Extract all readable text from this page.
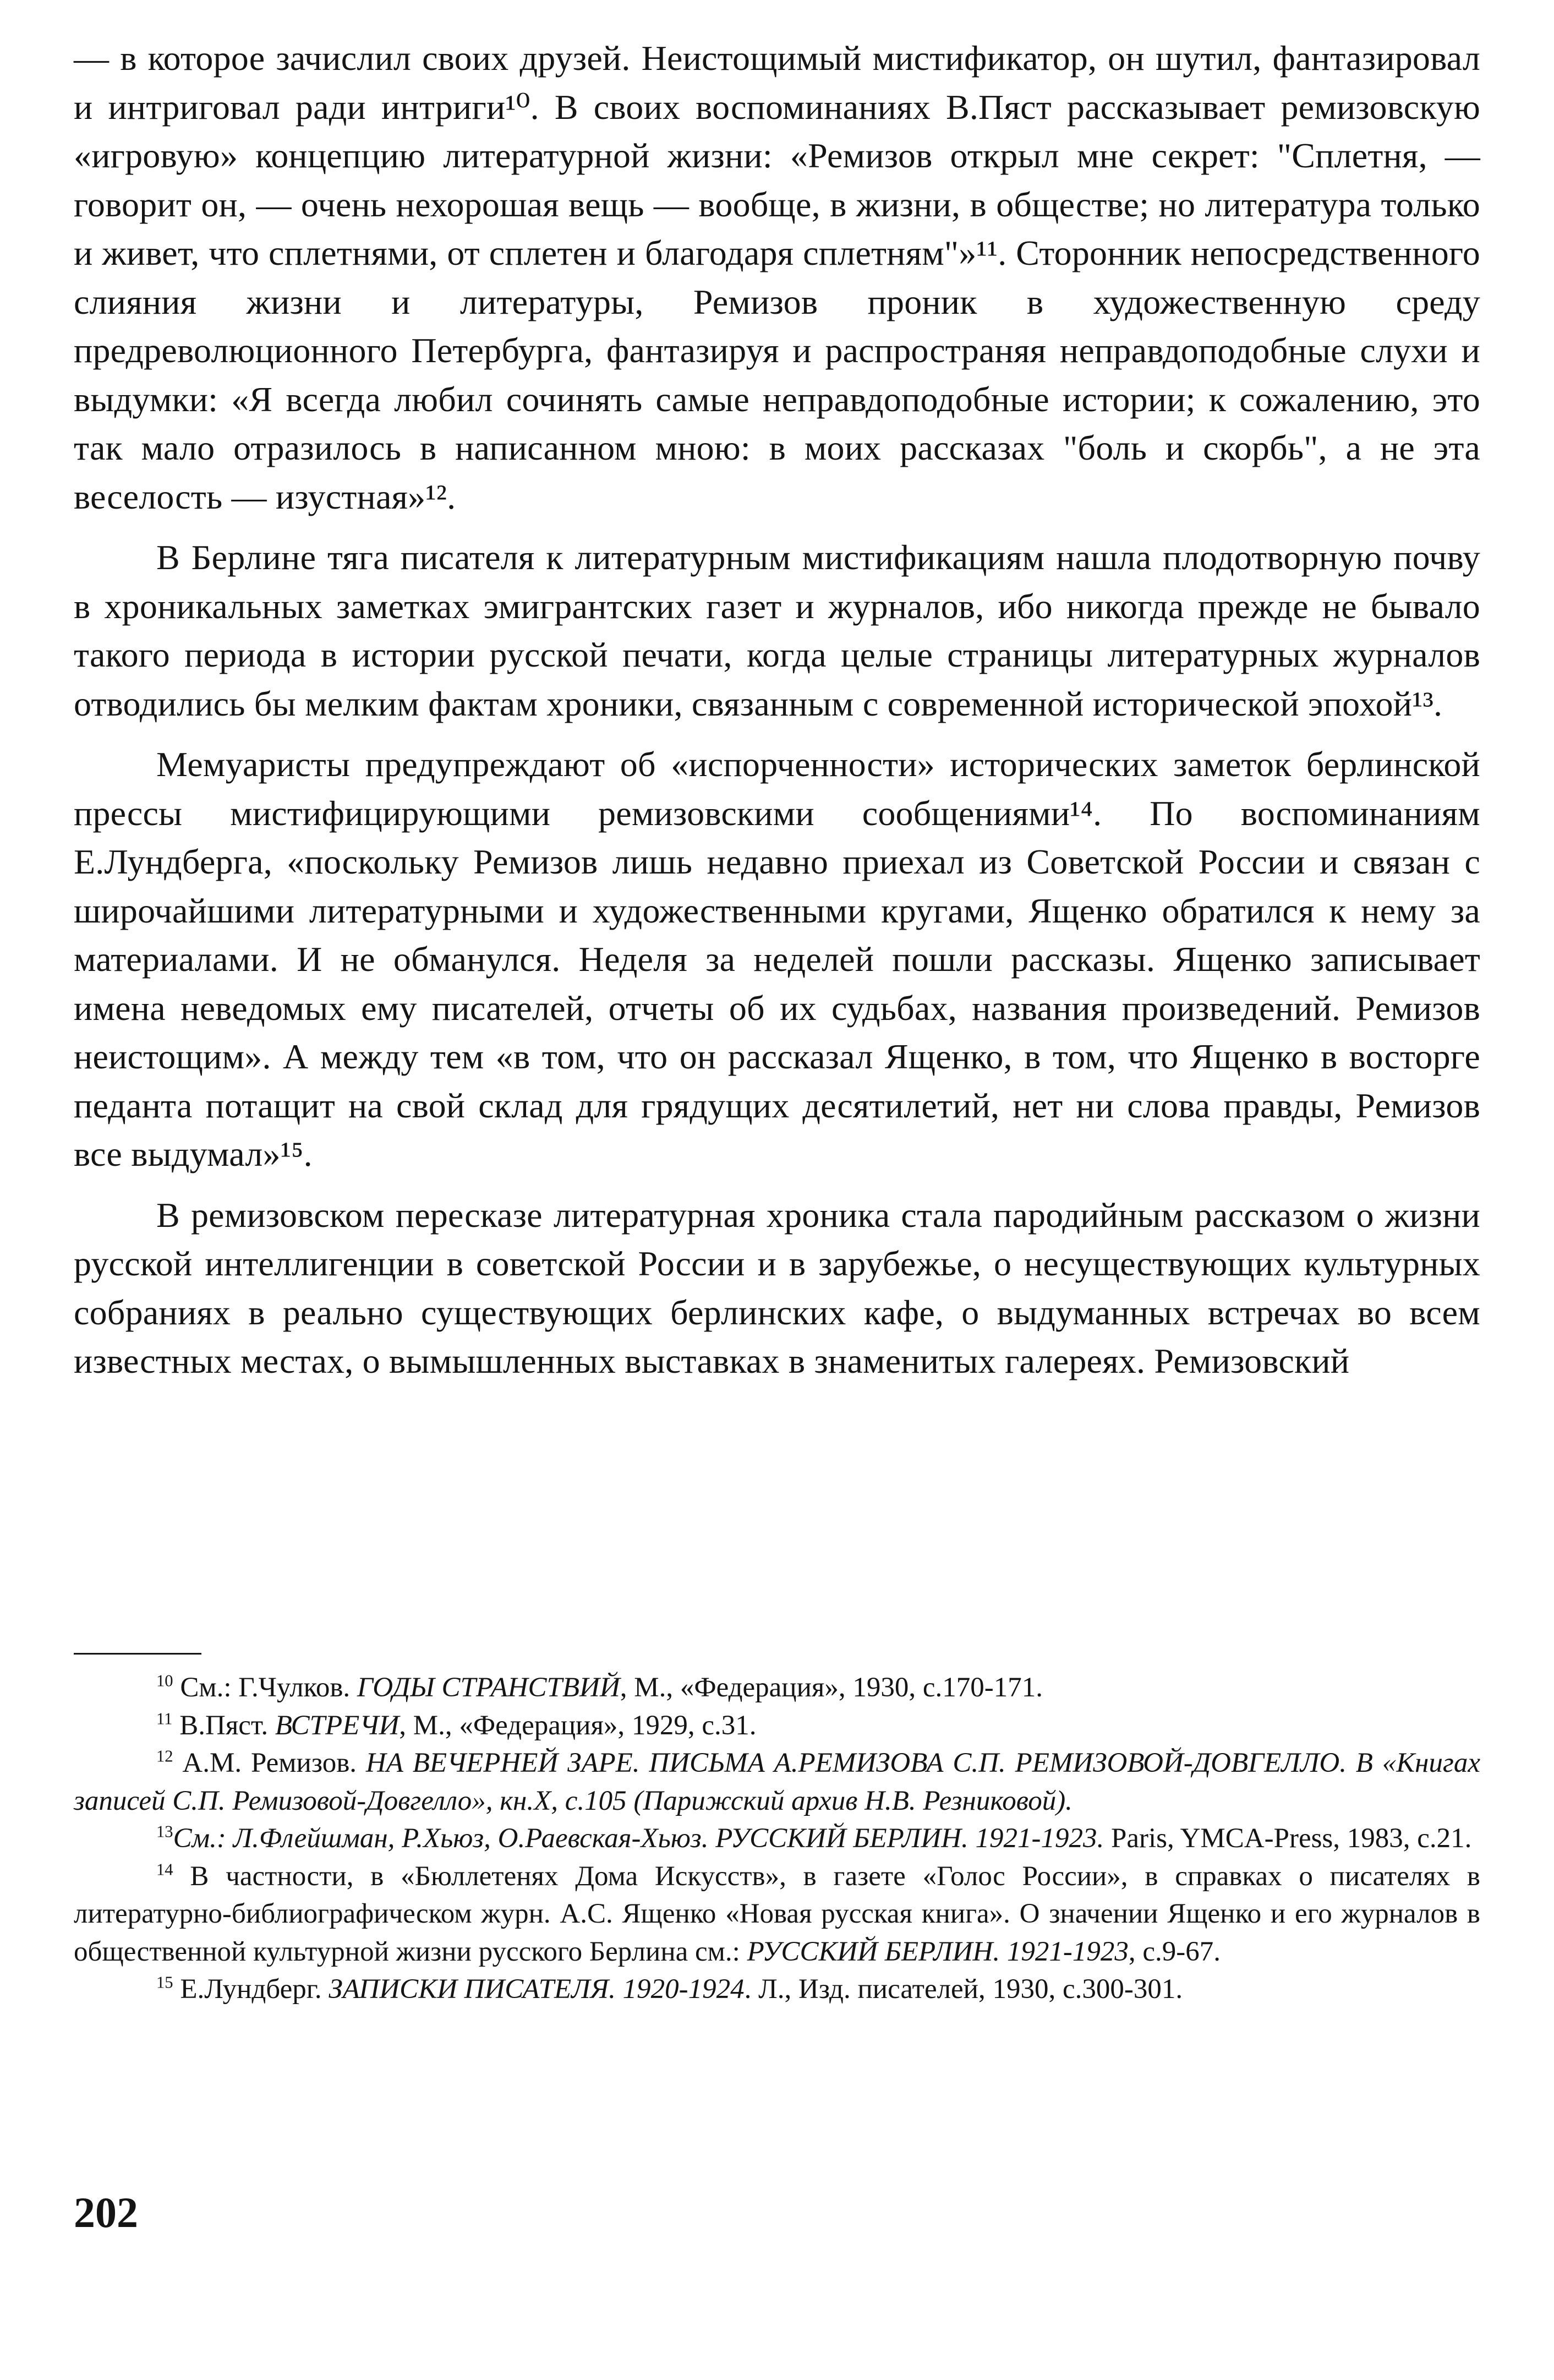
— в которое зачислил своих друзей. Неистощимый мистификатор, он шутил, фантазировал и интриговал ради интриги¹⁰. В своих воспоминаниях В.Пяст рассказывает ремизовскую «игровую» концепцию литературной жизни: «Ремизов открыл мне секрет: "Сплетня, — говорит он, — очень нехорошая вещь — вообще, в жизни, в обществе; но литература только и живет, что сплетнями, от сплетен и благодаря сплетням"»¹¹. Сторонник непосредственного слияния жизни и литературы, Ремизов проник в художественную среду предреволюционного Петербурга, фантазируя и распространяя неправдоподобные слухи и выдумки: «Я всегда любил сочинять самые неправдоподобные истории; к сожалению, это так мало отразилось в написанном мною: в моих рассказах "боль и скорбь", а не эта веселость — изустная»¹².

В Берлине тяга писателя к литературным мистификациям нашла плодотворную почву в хроникальных заметках эмигрантских газет и журналов, ибо никогда прежде не бывало такого периода в истории русской печати, когда целые страницы литературных журналов отводились бы мелким фактам хроники, связанным с современной исторической эпохой¹³.

Мемуаристы предупреждают об «испорченности» исторических заметок берлинской прессы мистифицирующими ремизовскими сообщениями¹⁴. По воспоминаниям Е.Лундберга, «поскольку Ремизов лишь недавно приехал из Советской России и связан с широчайшими литературными и художественными кругами, Ященко обратился к нему за материалами. И не обманулся. Неделя за неделей пошли рассказы. Ященко записывает имена неведомых ему писателей, отчеты об их судьбах, названия произведений. Ремизов неистощим». А между тем «в том, что он рассказал Ященко, в том, что Ященко в восторге педанта потащит на свой склад для грядущих десятилетий, нет ни слова правды, Ремизов все выдумал»¹⁵.

В ремизовском пересказе литературная хроника стала пародийным рассказом о жизни русской интеллигенции в советской России и в зарубежье, о несуществующих культурных собраниях в реально существующих берлинских кафе, о выдуманных встречах во всем известных местах, о вымышленных выставках в знаменитых галереях. Ремизовский

$^{10}$ См.: Г.Чулков. ГОДЫ СТРАНСТВИЙ, М., «Федерация», 1930, с.170-171.

$^{11}$ В.Пяст. ВСТРЕЧИ, М., «Федерация», 1929, с.31.

$^{12}$ А.М. Ремизов. НА ВЕЧЕРНЕЙ ЗАРЕ. ПИСЬМА А.РЕМИЗОВА С.П. РЕМИЗОВОЙ-ДОВГЕЛЛО. В «Книгах записей С.П. Ремизовой-Довгелло», кн.Х, с.105 (Парижский архив Н.В. Резниковой).

$^{13}$См.: Л.Флейшман, Р.Хьюз, О.Раевская-Хьюз. РУССКИЙ БЕРЛИН. 1921-1923. Paris, YMCA-Press, 1983, с.21.

$^{14}$ В частности, в «Бюллетенях Дома Искусств», в газете «Голос России», в справках о писателях в литературно-библиографическом журн. А.С. Ященко «Новая русская книга». О значении Ященко и его журналов в общественной культурной жизни русского Берлина см.: РУССКИЙ БЕРЛИН. 1921-1923, с.9-67.

$^{15}$ Е.Лундберг. ЗАПИСКИ ПИСАТЕЛЯ. 1920-1924. Л., Изд. писателей, 1930, с.300-301.

202
